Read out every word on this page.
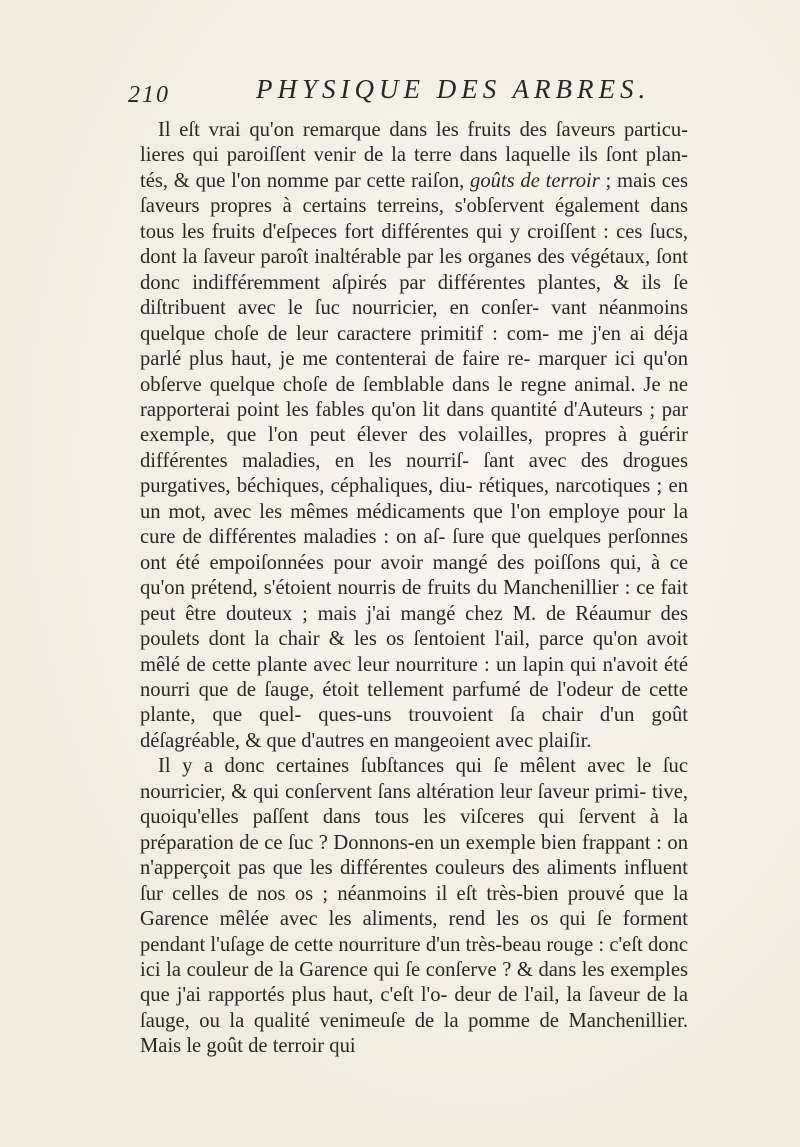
210	PHYSIQUE DES ARBRES.

Il eſt vrai qu'on remarque dans les fruits des ſaveurs particu- lieres qui paroiſſent venir de la terre dans laquelle ils ſont plan- tés, & que l'on nomme par cette raiſon, goûts de terroir ; mais ces ſaveurs propres à certains terreins, s'obſervent également dans tous les fruits d'eſpeces fort différentes qui y croiſſent : ces ſucs, dont la ſaveur paroît inaltérable par les organes des végétaux, ſont donc indifféremment aſpirés par différentes plantes, & ils ſe diſtribuent avec le ſuc nourricier, en conſer- vant néanmoins quelque choſe de leur caractere primitif : com- me j'en ai déja parlé plus haut, je me contenterai de faire re- marquer ici qu'on obſerve quelque choſe de ſemblable dans le regne animal. Je ne rapporterai point les fables qu'on lit dans quantité d'Auteurs ; par exemple, que l'on peut élever des volailles, propres à guérir différentes maladies, en les nourriſ- ſant avec des drogues purgatives, béchiques, céphaliques, diu- rétiques, narcotiques ; en un mot, avec les mêmes médicaments que l'on employe pour la cure de différentes maladies : on aſ- ſure que quelques perſonnes ont été empoiſonnées pour avoir mangé des poiſſons qui, à ce qu'on prétend, s'étoient nourris de fruits du Manchenillier : ce fait peut être douteux ; mais j'ai mangé chez M. de Réaumur des poulets dont la chair & les os ſentoient l'ail, parce qu'on avoit mêlé de cette plante avec leur nourriture : un lapin qui n'avoit été nourri que de ſauge, étoit tellement parfumé de l'odeur de cette plante, que quel- ques-uns trouvoient ſa chair d'un goût déſagréable, & que d'autres en mangeoient avec plaiſir.

Il y a donc certaines ſubſtances qui ſe mêlent avec le ſuc nourricier, & qui conſervent ſans altération leur ſaveur primi- tive, quoiqu'elles paſſent dans tous les viſceres qui ſervent à la préparation de ce ſuc ? Donnons-en un exemple bien frappant : on n'apperçoit pas que les différentes couleurs des aliments influent ſur celles de nos os ; néanmoins il eſt très-bien prouvé que la Garence mêlée avec les aliments, rend les os qui ſe forment pendant l'uſage de cette nourriture d'un très-beau rouge : c'eſt donc ici la couleur de la Garence qui ſe conſerve ? & dans les exemples que j'ai rapportés plus haut, c'eſt l'o- deur de l'ail, la ſaveur de la ſauge, ou la qualité venimeuſe de la pomme de Manchenillier. Mais le goût de terroir qui
